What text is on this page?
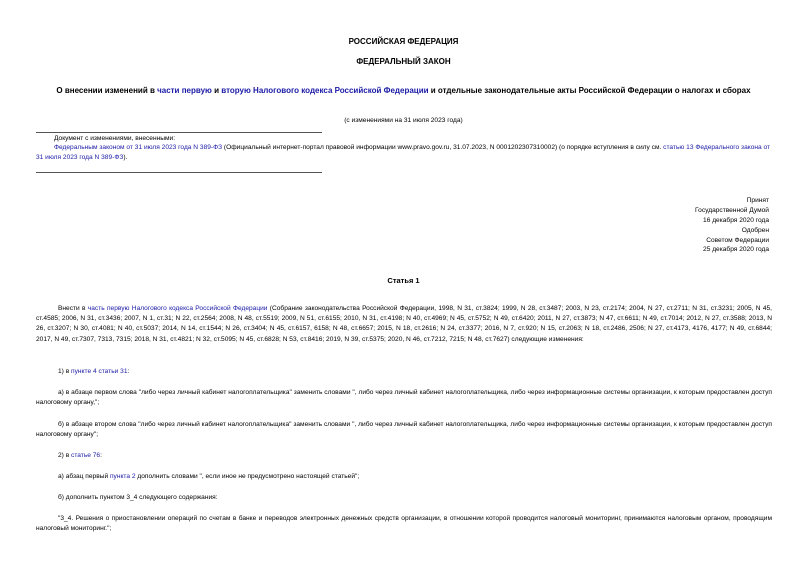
РОССИЙСКАЯ ФЕДЕРАЦИЯ
ФЕДЕРАЛЬНЫЙ ЗАКОН
О внесении изменений в части первую и вторую Налогового кодекса Российской Федерации и отдельные законодательные акты Российской Федерации о налогах и сборах
(с изменениями на 31 июля 2023 года)
Документ с изменениями, внесенными:
Федеральным законом от 31 июля 2023 года N 389-ФЗ (Официальный интернет-портал правовой информации www.pravo.gov.ru, 31.07.2023, N 0001202307310002) (о порядке вступления в силу см. статью 13 Федерального закона от 31 июля 2023 года N 389-ФЗ).
Принят
Государственной Думой
16 декабря 2020 года
Одобрен
Советом Федерации
25 декабря 2020 года
Статья 1
Внести в часть первую Налогового кодекса Российской Федерации (Собрание законодательства Российской Федерации, 1998, N 31, ст.3824; 1999, N 28, ст.3487; 2003, N 23, ст.2174; 2004, N 27, ст.2711; N 31, ст.3231; 2005, N 45, ст.4585; 2006, N 31, ст.3436; 2007, N 1, ст.31; N 22, ст.2564; 2008, N 48, ст.5519; 2009, N 51, ст.6155; 2010, N 31, ст.4198; N 40, ст.4969; N 45, ст.5752; N 49, ст.6420; 2011, N 27, ст.3873; N 47, ст.6611; N 49, ст.7014; 2012, N 27, ст.3588; 2013, N 26, ст.3207; N 30, ст.4081; N 40, ст.5037; 2014, N 14, ст.1544; N 26, ст.3404; N 45, ст.6157, 6158; N 48, ст.6657; 2015, N 18, ст.2616; N 24, ст.3377; 2016, N 7, ст.920; N 15, ст.2063; N 18, ст.2486, 2506; N 27, ст.4173, 4176, 4177; N 49, ст.6844; 2017, N 49, ст.7307, 7313, 7315; 2018, N 31, ст.4821; N 32, ст.5095; N 45, ст.6828; N 53, ст.8416; 2019, N 39, ст.5375; 2020, N 46, ст.7212, 7215; N 48, ст.7627) следующие изменения:
1) в пункте 4 статьи 31:
а) в абзаце первом слова "либо через личный кабинет налогоплательщика" заменить словами ", либо через личный кабинет налогоплательщика, либо через информационные системы организации, к которым предоставлен доступ налоговому органу,";
б) в абзаце втором слова "либо через личный кабинет налогоплательщика" заменить словами ", либо через личный кабинет налогоплательщика, либо через информационные системы организации, к которым предоставлен доступ налоговому органу";
2) в статье 76:
а) абзац первый пункта 2 дополнить словами ", если иное не предусмотрено настоящей статьей";
б) дополнить пунктом 3_4 следующего содержания:
"3_4. Решения о приостановлении операций по счетам в банке и переводов электронных денежных средств организации, в отношении которой проводится налоговый мониторинг, принимаются налоговым органом, проводящим налоговый мониторинг.";
